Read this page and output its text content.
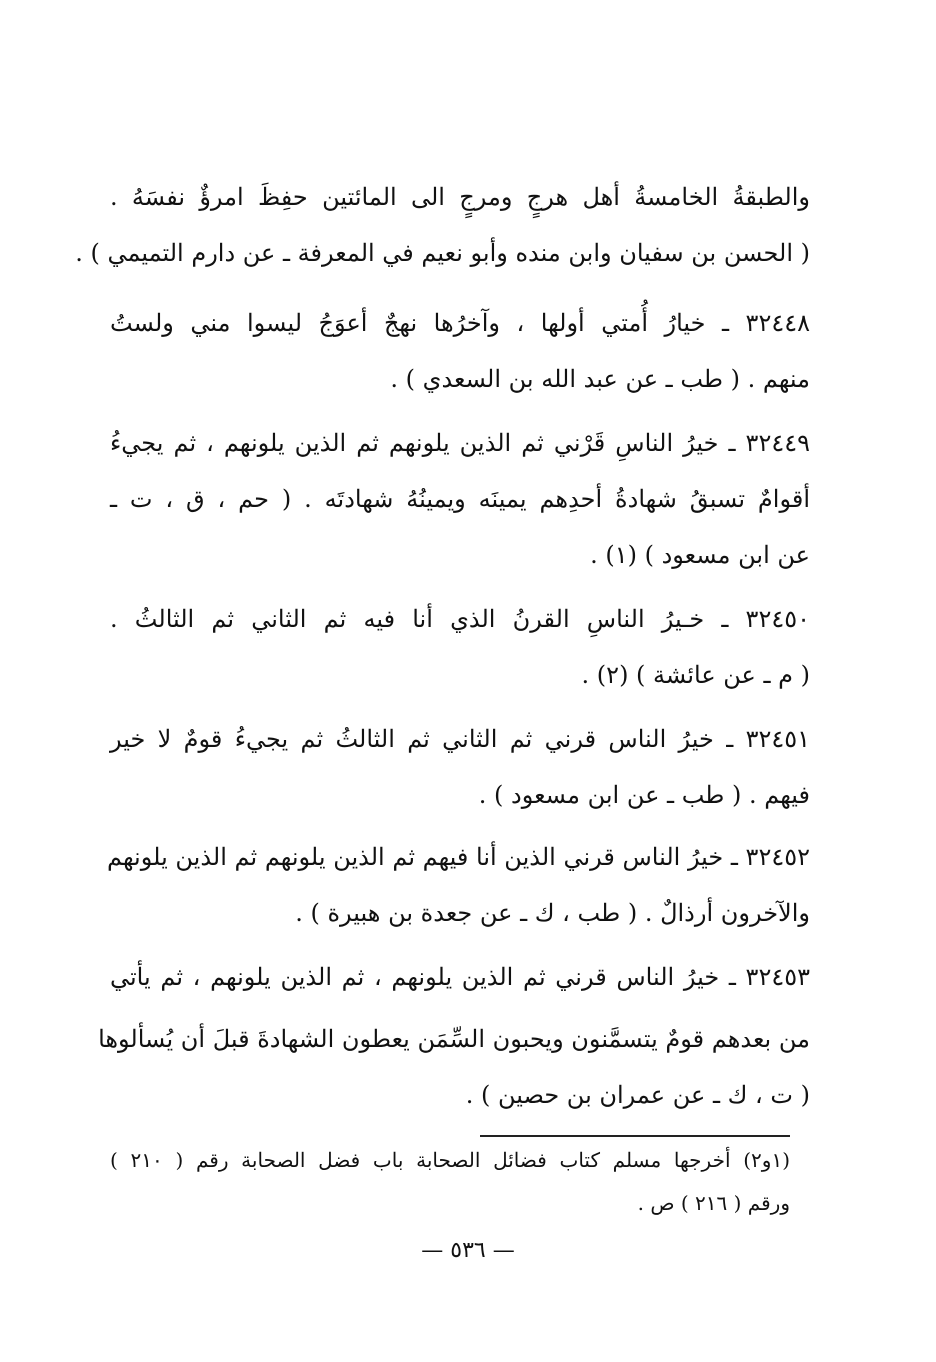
والطبقةُ الخامسةُ أهل هرجٍ ومرجٍ الى المائتين حفِظَ امرؤٌ نفسَهُ .
( الحسن بن سفيان وابن منده وأبو نعيم في المعرفة ـ عن دارم التميمي ) .
٣٢٤٤٨ ـ خيارُ أُمتي أولها ، وآخرُها نهجٌ أعوَجُ ليسوا مني ولستُ
منهم . ( طب ـ عن عبد الله بن السعدي ) .
٣٢٤٤٩ ـ خيرُ الناسِ قَرْني ثم الذين يلونهم ثم الذين يلونهم ، ثم يجيءُ
أقوامٌ تسبقُ شهادةُ أحدِهم يمينَه ويمينُهُ شهادتَه . ( حم ، ق ، ت ـ
عن ابن مسعود ) (١) .
٣٢٤٥٠ ـ خـيرُ الناسِ القرنُ الذي أنا فيه ثم الثاني ثم الثالثُ .
( م ـ عن عائشة ) (٢) .
٣٢٤٥١ ـ خيرُ الناس قرني ثم الثاني ثم الثالثُ ثم يجيءُ قومٌ لا خير
فيهم . ( طب ـ عن ابن مسعود ) .
٣٢٤٥٢ ـ خيرُ الناس قرني الذين أنا فيهم ثم الذين يلونهم ثم الذين يلونهم
والآخرون أرذالٌ . ( طب ، ك ـ عن جعدة بن هبيرة ) .
٣٢٤٥٣ ـ خيرُ الناس قرني ثم الذين يلونهم ، ثم الذين يلونهم ، ثم يأتي
من بعدهم قومٌ يتسمَّنون ويحبون السِّمَن يعطون الشهادةَ قبلَ أن يُسألوها
( ت ، ك ـ عن عمران بن حصين ) .
(١و٢) أخرجها مسلم كتاب فضائل الصحابة باب فضل الصحابة رقم ( ٢١٠ )
ورقم ( ٢١٦ ) ص .
— ٥٣٦ —
